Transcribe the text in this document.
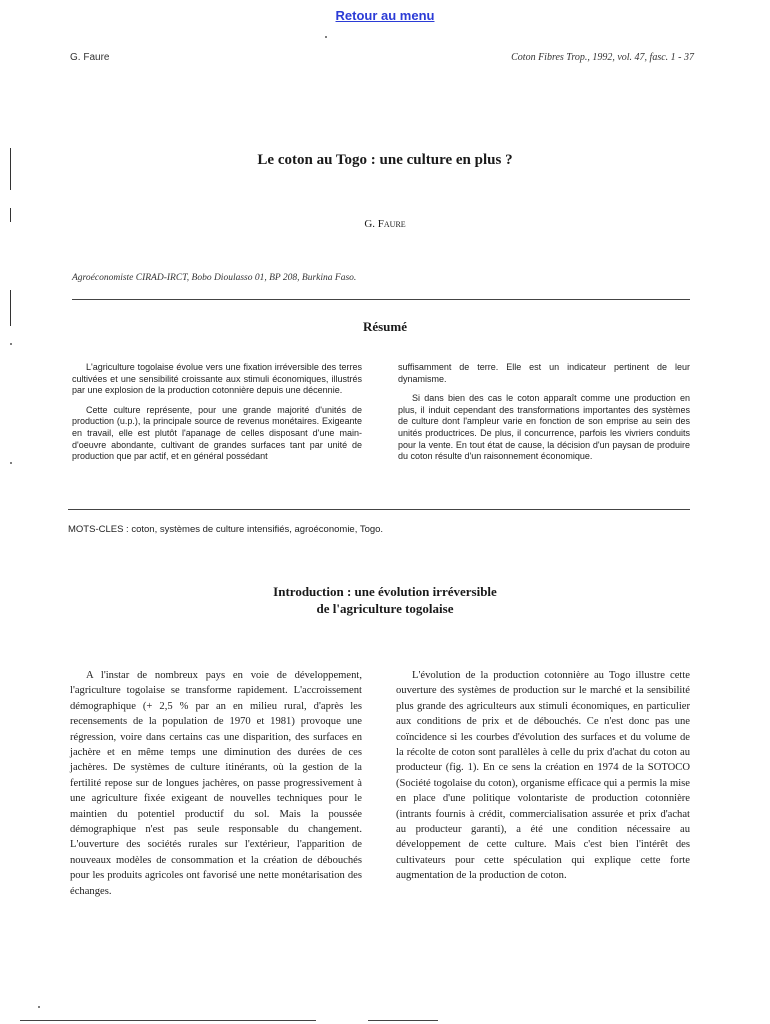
Retour au menu
G. Faure	Coton Fibres Trop., 1992, vol. 47, fasc. 1 - 37
Le coton au Togo : une culture en plus ?
G. Faure
Agroéconomiste CIRAD-IRCT, Bobo Dioulasso 01, BP 208, Burkina Faso.
Résumé

L'agriculture togolaise évolue vers une fixation irréversible des terres cultivées et une sensibilité croissante aux stimuli économiques, illustrés par une explosion de la production cotonnière depuis une décennie.

Cette culture représente, pour une grande majorité d'unités de production (u.p.), la principale source de revenus monétaires. Exigeante en travail, elle est plutôt l'apanage de celles disposant d'une main-d'oeuvre abondante, cultivant de grandes surfaces tant par unité de production que par actif, et en général possédant

suffisamment de terre. Elle est un indicateur pertinent de leur dynamisme.

Si dans bien des cas le coton apparaît comme une production en plus, il induit cependant des transformations importantes des systèmes de culture dont l'ampleur varie en fonction de son emprise au sein des unités productrices. De plus, il concurrence, parfois les vivriers conduits pour la vente. En tout état de cause, la décision d'un paysan de produire du coton résulte d'un raisonnement économique.

MOTS-CLES : coton, systèmes de culture intensifiés, agroéconomie, Togo.
Introduction : une évolution irréversible
de l'agriculture togolaise

A l'instar de nombreux pays en voie de développement, l'agriculture togolaise se transforme rapidement. L'accroissement démographique (+ 2,5 % par an en milieu rural, d'après les recensements de la population de 1970 et 1981) provoque une régression, voire dans certains cas une disparition, des surfaces en jachère et en même temps une diminution des durées de ces jachères. De systèmes de culture itinérants, où la gestion de la fertilité repose sur de longues jachères, on passe progressivement à une agriculture fixée exigeant de nouvelles techniques pour le maintien du potentiel productif du sol. Mais la poussée démographique n'est pas seule responsable du changement. L'ouverture des sociétés rurales sur l'extérieur, l'apparition de nouveaux modèles de consommation et la création de débouchés pour les produits agricoles ont favorisé une nette monétarisation des échanges.

L'évolution de la production cotonnière au Togo illustre cette ouverture des systèmes de production sur le marché et la sensibilité plus grande des agriculteurs aux stimuli économiques, en particulier aux conditions de prix et de débouchés. Ce n'est donc pas une coïncidence si les courbes d'évolution des surfaces et du volume de la récolte de coton sont parallèles à celle du prix d'achat du coton au producteur (fig. 1). En ce sens la création en 1974 de la SOTOCO (Société togolaise du coton), organisme efficace qui a permis la mise en place d'une politique volontariste de production cotonnière (intrants fournis à crédit, commercialisation assurée et prix d'achat au producteur garanti), a été une condition nécessaire au développement de cette culture. Mais c'est bien l'intérêt des cultivateurs pour cette spéculation qui explique cette forte augmentation de la production de coton.
